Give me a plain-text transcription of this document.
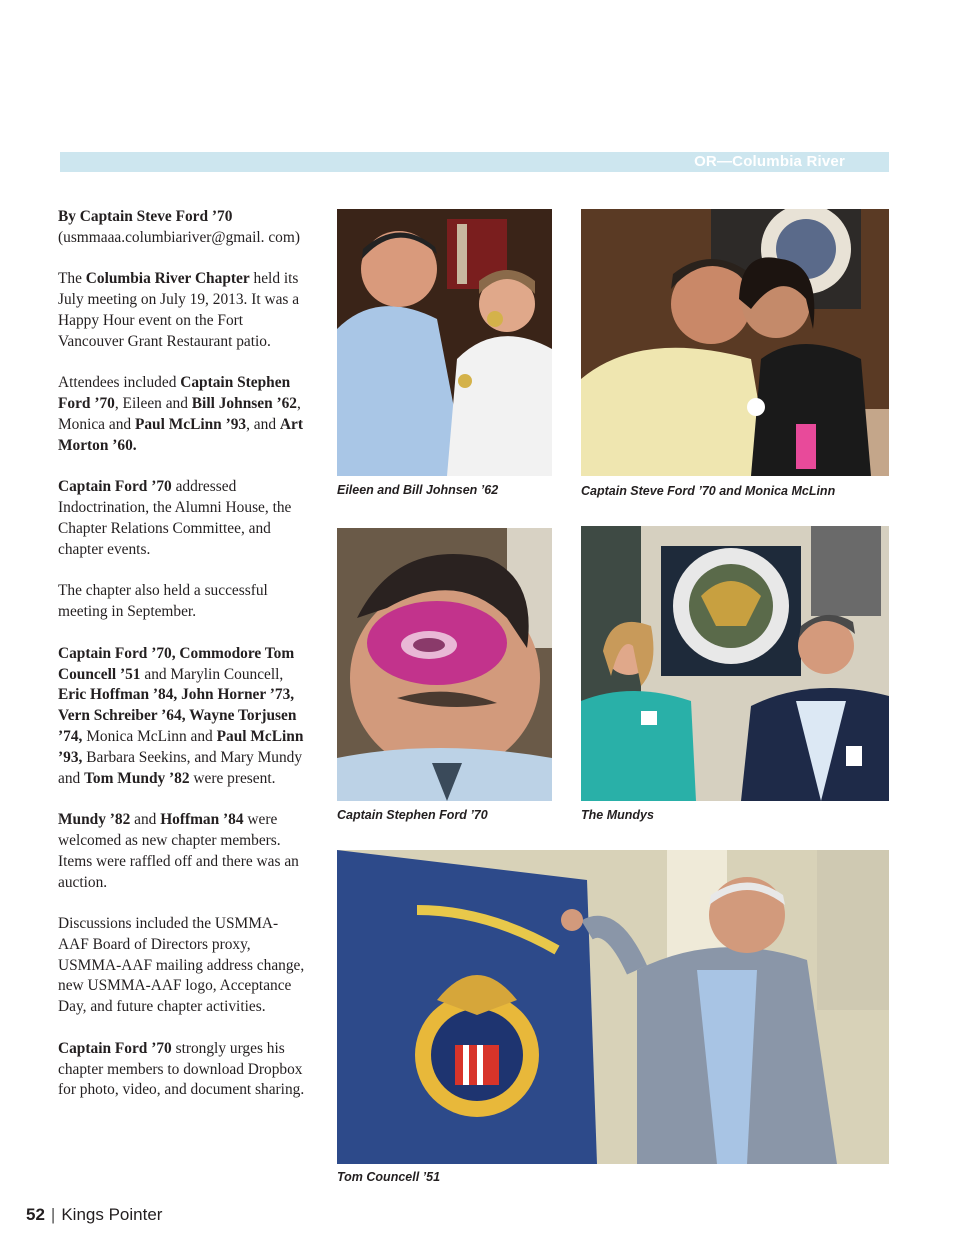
OR—Columbia River

By Captain Steve Ford ’70
(usmmaaa.columbiariver@gmail. com)

The Columbia River Chapter held its July meeting on July 19, 2013. It was a Happy Hour event on the Fort Vancouver Grant Restaurant patio.

Attendees included Captain Stephen Ford ’70, Eileen and Bill Johnsen ’62, Monica and Paul McLinn ’93, and Art Morton ’60.

Captain Ford ’70 addressed Indoctrination, the Alumni House, the Chapter Relations Committee, and chapter events.

The chapter also held a successful meeting in September.

Captain Ford ’70, Commodore Tom Councell ’51 and Marylin Councell, Eric Hoffman ’84, John Horner ’73, Vern Schreiber ’64, Wayne Torjusen ’74, Monica McLinn and Paul McLinn ’93, Barbara Seekins, and Mary Mundy and Tom Mundy ’82 were present.

Mundy ’82 and Hoffman ’84 were welcomed as new chapter members. Items were raffled off and there was an auction.

Discussions included the USMMA-AAF Board of Directors proxy, USMMA-AAF mailing address change, new USMMA-AAF logo, Acceptance Day, and future chapter activities.

Captain Ford ’70 strongly urges his chapter members to download Dropbox for photo, video, and document sharing.

Eileen and Bill Johnsen ’62	Captain Steve Ford ’70 and Monica McLinn
Captain Stephen Ford ’70	The Mundys
Tom Councell ’51
52 | Kings Pointer
